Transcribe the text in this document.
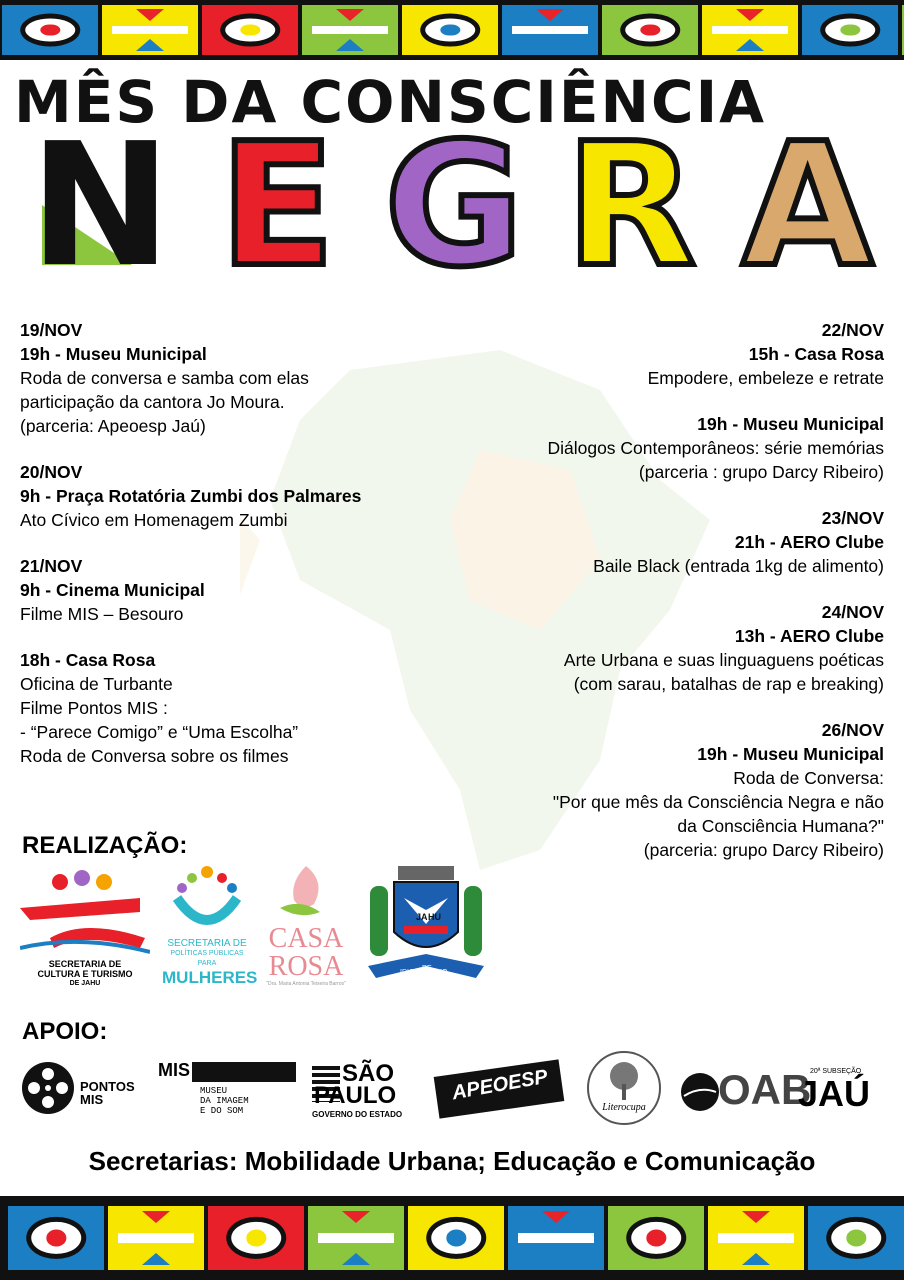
MÊS DA CONSCIÊNCIA
N E G R A
19/NOV
19h - Museu Municipal
Roda de conversa e samba com elas
participação da cantora Jo Moura.
(parceria: Apeoesp Jaú)
20/NOV
9h - Praça Rotatória Zumbi dos Palmares
Ato Cívico em Homenagem Zumbi
21/NOV
9h - Cinema Municipal
Filme MIS – Besouro
18h - Casa Rosa
Oficina de Turbante
Filme Pontos MIS :
- “Parece Comigo” e “Uma Escolha”
Roda de Conversa sobre os filmes
22/NOV
15h - Casa Rosa
Empodere, embeleze e retrate
19h - Museu Municipal
Diálogos Contemporâneos: série memórias
(parceria : grupo Darcy Ribeiro)
23/NOV
21h - AERO Clube
Baile Black (entrada 1kg de alimento)
24/NOV
13h - AERO Clube
Arte Urbana e suas linguaguens poéticas
(com sarau, batalhas de rap e breaking)
26/NOV
19h - Museu Municipal
Roda de Conversa:
"Por que mês da Consciência Negra e não
da Consciência Humana?"
(parceria: grupo Darcy Ribeiro)
REALIZAÇÃO:
SECRETARIA DE
CULTURA E TURISMO
DE JAHU
SECRETARIA DE
POLÍTICAS PÚBLICAS PARA
MULHERES
CASA
ROSA
"Dra. Maria Antonia Teixeira Barros"
JA HU
IDICA
RE
IO
APOIO:
PONTOS
MIS
MIS
MUSEU
DA IMAGEM
E DO SOM
SÃO
PAULO
GOVERNO DO ESTADO
APEOESP
Literocupa	OAB
20ª SUBSEÇÃO
JAÚ
Secretarias: Mobilidade Urbana; Educação e Comunicação
